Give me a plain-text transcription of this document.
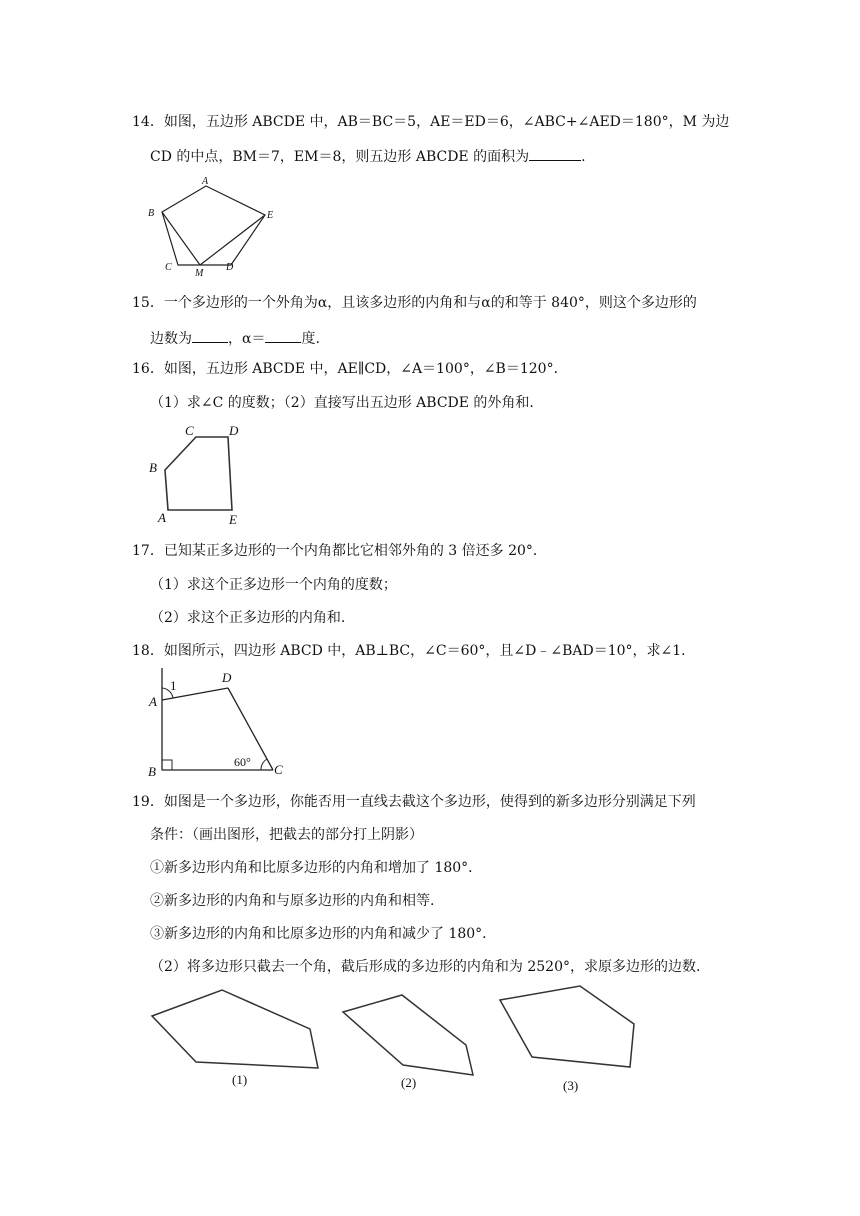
14．如图，五边形 ABCDE 中，AB＝BC＝5，AE＝ED＝6，∠ABC+∠AED＝180°，M 为边
CD 的中点，BM＝7，EM＝8，则五边形 ABCDE 的面积为	.
A
B	E
C
M
D
15．一个多边形的一个外角为α，且该多边形的内角和与α的和等于 840°，则这个多边形的
边数为	，α＝	度.
16．如图，五边形 ABCDE 中，AE∥CD，∠A＝100°，∠B＝120°．
（1）求∠C 的度数；（2）直接写出五边形 ABCDE 的外角和.
C	D
B
A	E
17．已知某正多边形的一个内角都比它相邻外角的 3 倍还多 20°．
（1）求这个正多边形一个内角的度数；
（2）求这个正多边形的内角和.
18．如图所示，四边形 ABCD 中，AB⊥BC，∠C＝60°，且∠D﹣∠BAD＝10°，求∠1.
1
A
D
B	C
60°
19．如图是一个多边形，你能否用一直线去截这个多边形，使得到的新多边形分别满足下列
条件：（画出图形，把截去的部分打上阴影）
①新多边形内角和比原多边形的内角和增加了 180°．
②新多边形的内角和与原多边形的内角和相等.
③新多边形的内角和比原多边形的内角和减少了 180°．
（2）将多边形只截去一个角，截后形成的多边形的内角和为 2520°，求原多边形的边数.
(1)	(2)	(3)
